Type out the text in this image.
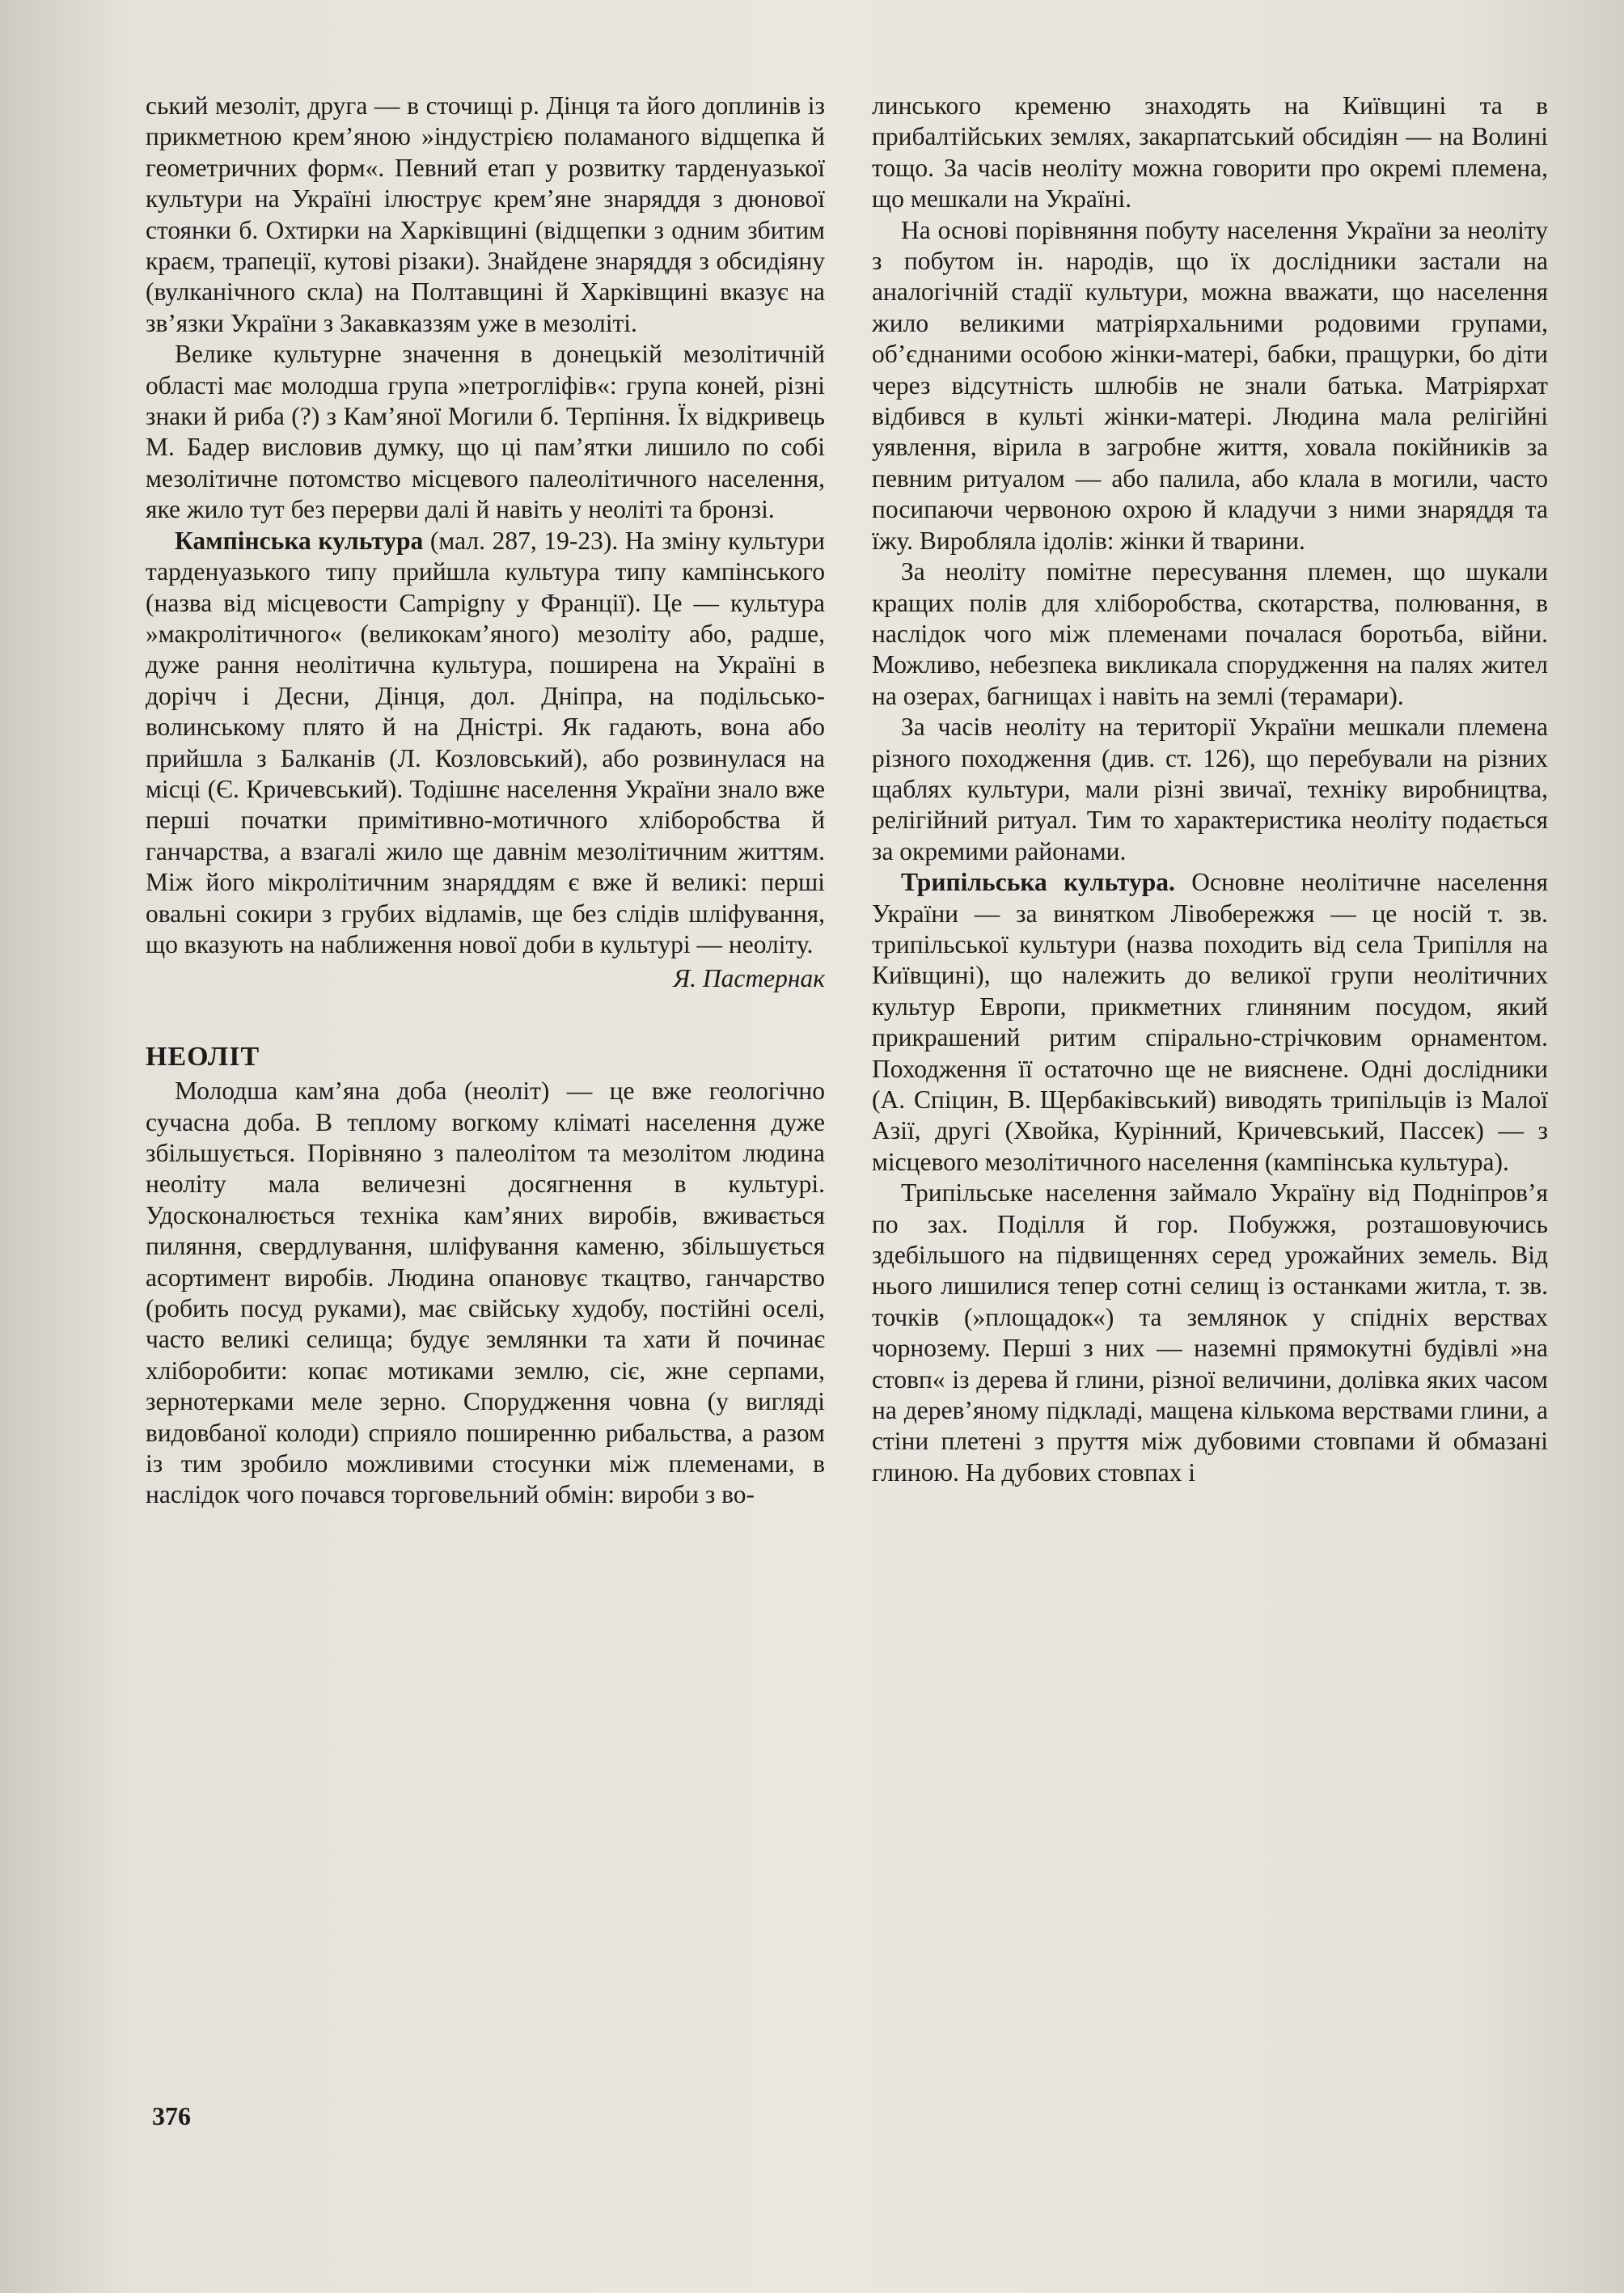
ський мезоліт, друга — в сточищі р. Дінця та його доплинів із прикметною крем’яною »індустрією поламаного відщепка й геометричних форм«. Певний етап у розвитку тарденуазької культури на Україні ілюструє крем’яне знаряддя з дюнової стоянки б. Охтирки на Харківщині (відщепки з одним збитим краєм, трапеції, кутові різаки). Знайдене знаряддя з обсидіяну (вулканічного скла) на Полтавщині й Харківщині вказує на зв’язки України з Закавказзям уже в мезоліті.

Велике культурне значення в донецькій мезолітичній області має молодша група »петрогліфів«: група коней, різні знаки й риба (?) з Кам’яної Могили б. Терпіння. Їх відкривець М. Бадер висловив думку, що ці пам’ятки лишило по собі мезолітичне потомство місцевого палеолітичного населення, яке жило тут без перерви далі й навіть у неоліті та бронзі.

Кампінська культура (мал. 287, 19-23). На зміну культури тарденуазького типу прийшла культура типу кампінського (назва від місцевости Campigny у Франції). Це — культура »макролітичного« (великокам’яного) мезоліту або, радше, дуже рання неолітична культура, поширена на Україні в дорічч і Десни, Дінця, дол. Дніпра, на подільсько-волинському плято й на Дністрі. Як гадають, вона або прийшла з Балканів (Л. Козловський), або розвинулася на місці (Є. Кричевський). Тодішнє населення України знало вже перші початки примітивно-мотичного хліборобства й ганчарства, а взагалі жило ще давнім мезолітичним життям. Між його мікролітичним знаряддям є вже й великі: перші овальні сокири з грубих відламів, ще без слідів шліфування, що вказують на наближення нової доби в культурі — неоліту.

Я. Пастернак

НЕОЛІТ

Молодша кам’яна доба (неоліт) — це вже геологічно сучасна доба. В теплому вогкому кліматі населення дуже збільшується. Порівняно з палеолітом та мезолітом людина неоліту мала величезні досягнення в культурі. Удосконалюється техніка кам’яних виробів, вживається пиляння, свердлування, шліфування каменю, збільшується асортимент виробів. Людина опановує ткацтво, ганчарство (робить посуд руками), має свійську худобу, постійні оселі, часто великі селища; будує землянки та хати й починає хліборобити: копає мотиками землю, сіє, жне серпами, зернотерками меле зерно. Спорудження човна (у вигляді видовбаної колоди) сприяло поширенню рибальства, а разом із тим зробило можливими стосунки між племенами, в наслідок чого почався торговельний обмін: вироби з во-

линського кременю знаходять на Київщині та в прибалтійських землях, закарпатський обсидіян — на Волині тощо. За часів неоліту можна говорити про окремі племена, що мешкали на Україні.

На основі порівняння побуту населення України за неоліту з побутом ін. народів, що їх дослідники застали на аналогічній стадії культури, можна вважати, що населення жило великими матріярхальними родовими групами, об’єднаними особою жінки-матері, бабки, пращурки, бо діти через відсутність шлюбів не знали батька. Матріярхат відбився в культі жінки-матері. Людина мала релігійні уявлення, вірила в загробне життя, ховала покійників за певним ритуалом — або палила, або клала в могили, часто посипаючи червоною охрою й кладучи з ними знаряддя та їжу. Виробляла ідолів: жінки й тварини.

За неоліту помітне пересування племен, що шукали кращих полів для хліборобства, скотарства, полювання, в наслідок чого між племенами почалася боротьба, війни. Можливо, небезпека викликала спорудження на палях жител на озерах, багнищах і навіть на землі (терамари).

За часів неоліту на території України мешкали племена різного походження (див. ст. 126), що перебували на різних щаблях культури, мали різні звичаї, техніку виробництва, релігійний ритуал. Тим то характеристика неоліту подається за окремими районами.

Трипільська культура. Основне неолітичне населення України — за винятком Лівобережжя — це носій т. зв. трипільської культури (назва походить від села Трипілля на Київщині), що належить до великої групи неолітичних культур Европи, прикметних глиняним посудом, який прикрашений ритим спірально-стрічковим орнаментом. Походження її остаточно ще не вияснене. Одні дослідники (А. Спіцин, В. Щербаківський) виводять трипільців із Малої Азії, другі (Хвойка, Курінний, Кричевський, Пассек) — з місцевого мезолітичного населення (кампінська культура).

Трипільське населення займало Україну від Подніпров’я по зах. Поділля й гор. Побужжя, розташовуючись здебільшого на підвищеннях серед урожайних земель. Від нього лишилися тепер сотні селищ із останками житла, т. зв. точків (»площадок«) та землянок у спідніх верствах чорнозему. Перші з них — наземні прямокутні будівлі »на стовп« із дерева й глини, різної величини, долівка яких часом на дерев’яному підкладі, мащена кількома верствами глини, а стіни плетені з пруття між дубовими стовпами й обмазані глиною. На дубових стовпах і

376
